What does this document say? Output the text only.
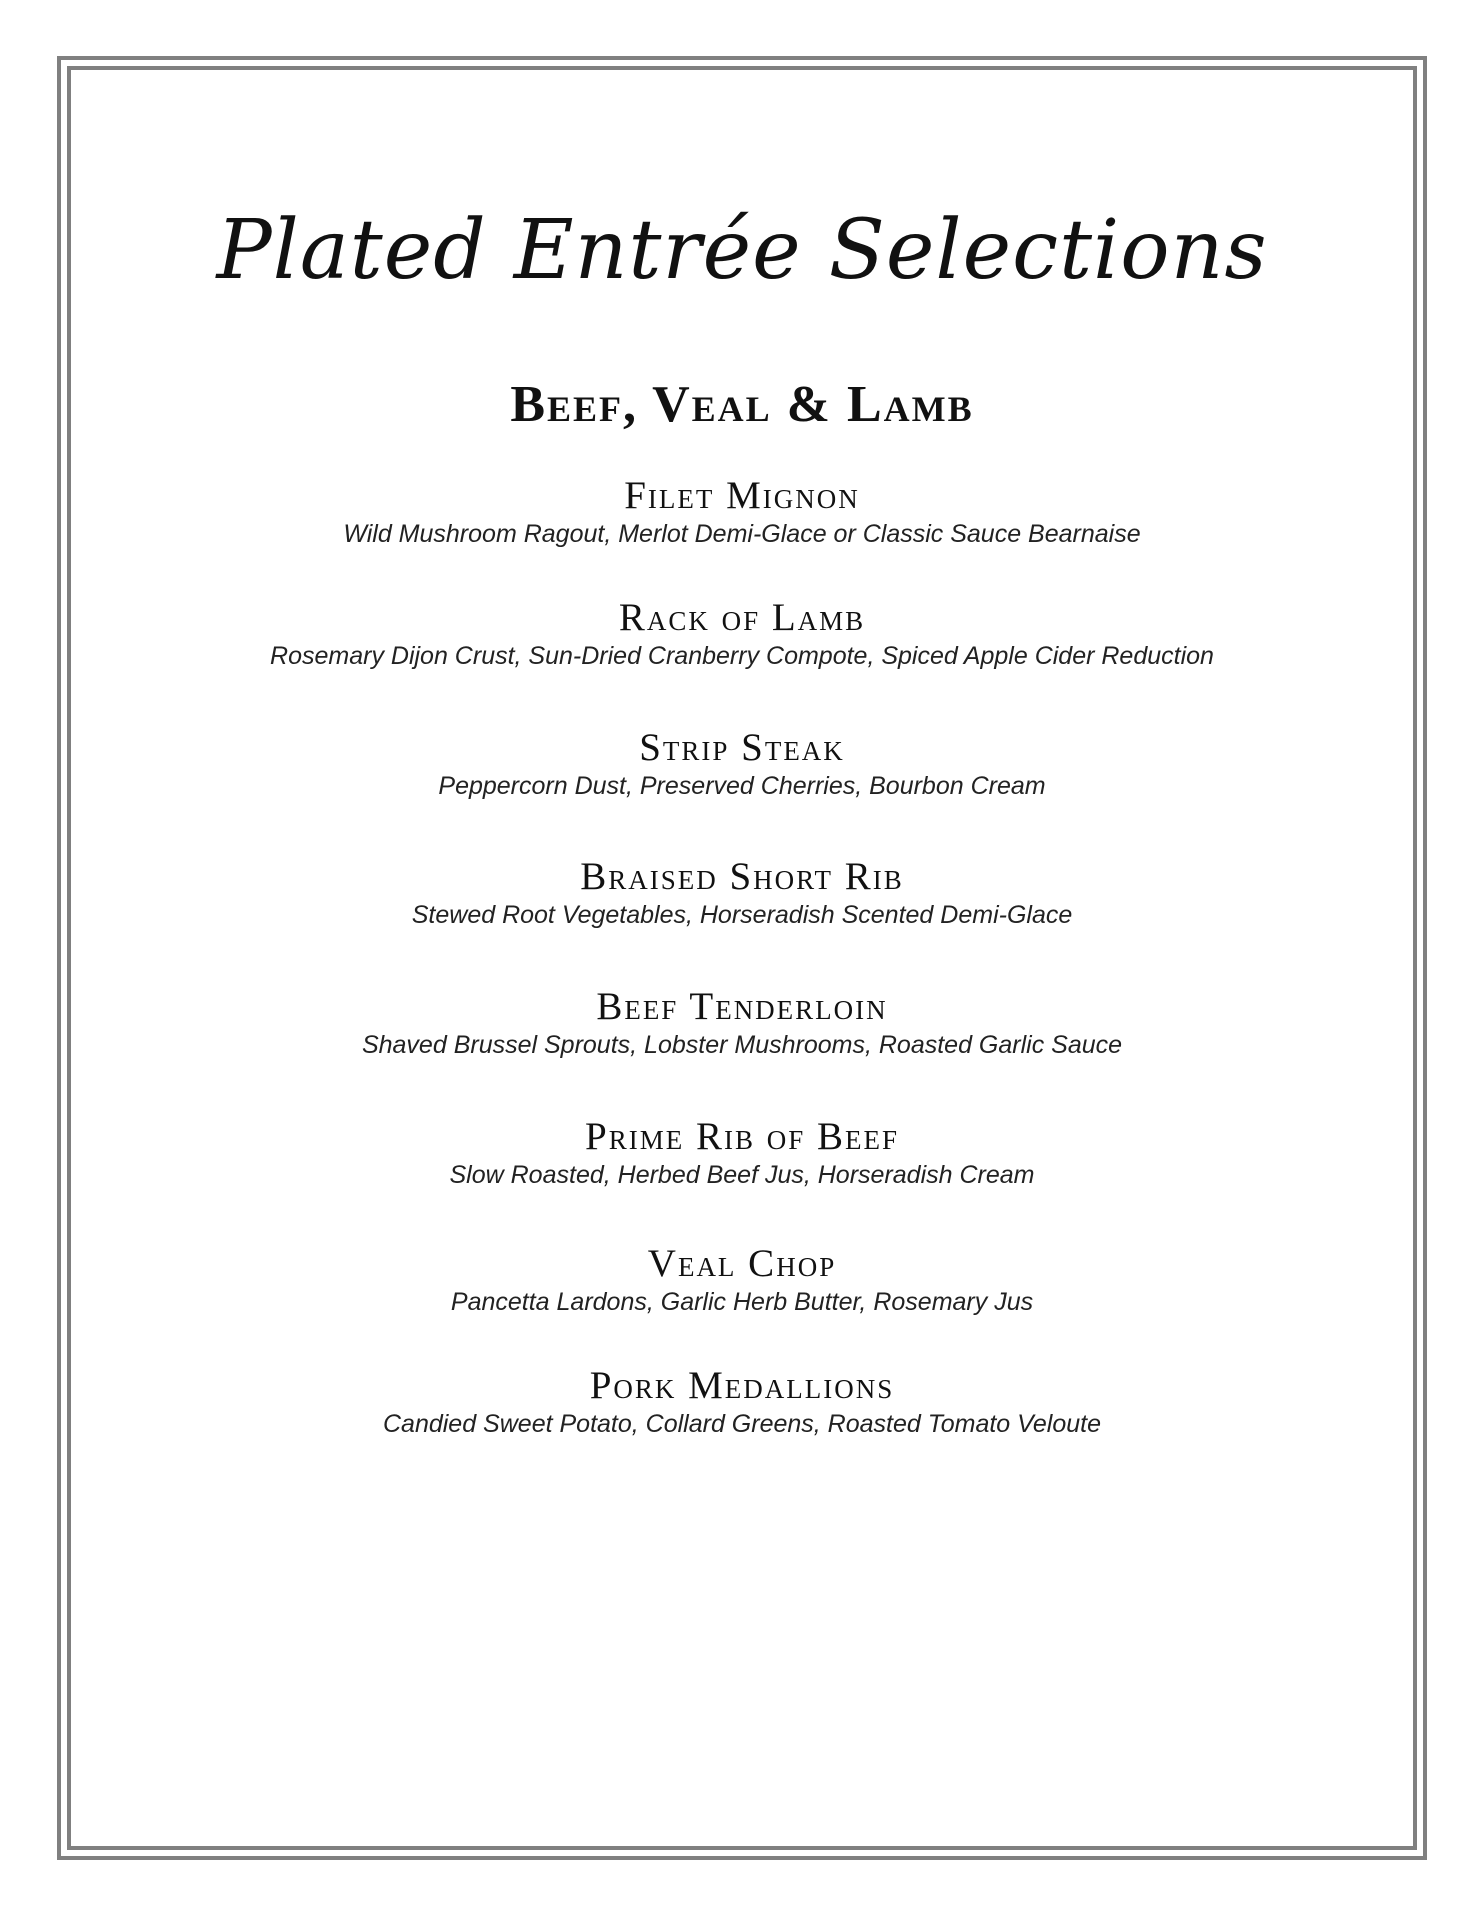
Plated Entrée Selections
Beef, Veal & Lamb
Filet Mignon
Wild Mushroom Ragout, Merlot Demi-Glace or Classic Sauce Bearnaise
Rack of Lamb
Rosemary Dijon Crust, Sun-Dried Cranberry Compote, Spiced Apple Cider Reduction
Strip Steak
Peppercorn Dust, Preserved Cherries, Bourbon Cream
Braised Short Rib
Stewed Root Vegetables, Horseradish Scented Demi-Glace
Beef Tenderloin
Shaved Brussel Sprouts, Lobster Mushrooms, Roasted Garlic Sauce
Prime Rib of Beef
Slow Roasted, Herbed Beef Jus, Horseradish Cream
Veal Chop
Pancetta Lardons, Garlic Herb Butter, Rosemary Jus
Pork Medallions
Candied Sweet Potato, Collard Greens, Roasted Tomato Veloute
